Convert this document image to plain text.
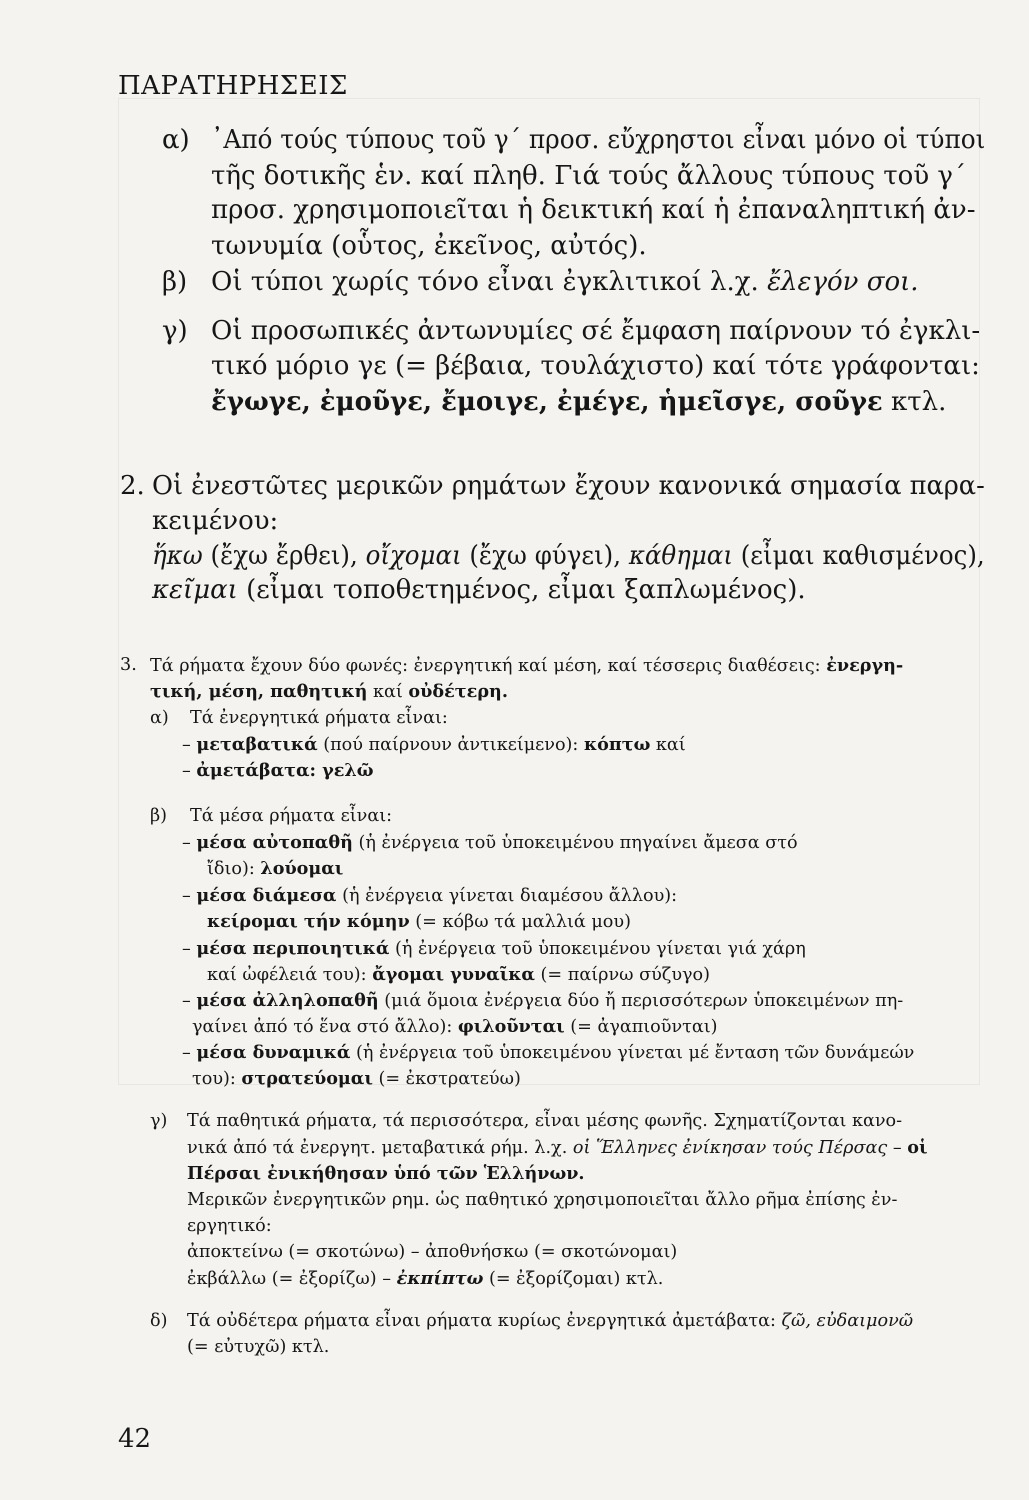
ΠΑΡΑΤΗΡΗΣΕΙΣ
α) ᾿Από τούς τύπους τοῦ γ΄ προσ. εὔχρηστοι εἶναι μόνο οἱ τύποι
τῆς δοτικῆς ἑν. καί πληθ. Γιά τούς ἄλλους τύπους τοῦ γ΄
προσ. χρησιμοποιεῖται ἡ δεικτική καί ἡ ἐπαναληπτική ἀν-
τωνυμία (οὗτος, ἐκεῖνος, αὐτός).
β) Οἱ τύποι χωρίς τόνο εἶναι ἐγκλιτικοί λ.χ. ἔλεγόν σοι.
γ) Οἱ προσωπικές ἀντωνυμίες σέ ἔμφαση παίρνουν τό ἐγκλι-
τικό μόριο γε (= βέβαια, τουλάχιστο) καί τότε γράφονται:
ἔγωγε, ἐμοῦγε, ἔμοιγε, ἐμέγε, ἡμεῖσγε, σοῦγε κτλ.
2. Οἱ ἐνεστῶτες μερικῶν ρημάτων ἔχουν κανονικά σημασία παρα-
κειμένου:
ἥκω (ἔχω ἔρθει), οἴχομαι (ἔχω φύγει), κάθημαι (εἶμαι καθισμένος),
κεῖμαι (εἶμαι τοποθετημένος, εἶμαι ξαπλωμένος).
3. Τά ρήματα ἔχουν δύο φωνές: ἐνεργητική καί μέση, καί τέσσερις διαθέσεις: ἐνεργη-
τική, μέση, παθητική καί οὐδέτερη.
α) Τά ἐνεργητικά ρήματα εἶναι:
– μεταβατικά (πού παίρνουν ἀντικείμενο): κόπτω καί
– ἀμετάβατα: γελῶ
β) Τά μέσα ρήματα εἶναι:
– μέσα αὐτοπαθῆ (ἡ ἐνέργεια τοῦ ὑποκειμένου πηγαίνει ἄμεσα στό
ἴδιο): λούομαι
– μέσα διάμεσα (ἡ ἐνέργεια γίνεται διαμέσου ἄλλου):
κείρομαι τήν κόμην (= κόβω τά μαλλιά μου)
– μέσα περιποιητικά (ἡ ἐνέργεια τοῦ ὑποκειμένου γίνεται γιά χάρη
καί ὠφέλειά του): ἄγομαι γυναῖκα (= παίρνω σύζυγο)
– μέσα ἀλληλοπαθῆ (μιά ὅμοια ἐνέργεια δύο ἤ περισσότερων ὑποκειμένων πη-
γαίνει ἀπό τό ἕνα στό ἄλλο): φιλοῦνται (= ἀγαπιοῦνται)
– μέσα δυναμικά (ἡ ἐνέργεια τοῦ ὑποκειμένου γίνεται μέ ἔνταση τῶν δυνάμεών
του): στρατεύομαι (= ἐκστρατεύω)
γ) Τά παθητικά ρήματα, τά περισσότερα, εἶναι μέσης φωνῆς. Σχηματίζονται κανο-
νικά ἀπό τά ἐνεργητ. μεταβατικά ρήμ. λ.χ. οἱ Ἕλληνες ἐνίκησαν τούς Πέρσας – οἱ
Πέρσαι ἐνικήθησαν ὑπό τῶν Ἑλλήνων.
Μερικῶν ἐνεργητικῶν ρημ. ὡς παθητικό χρησιμοποιεῖται ἄλλο ρῆμα ἐπίσης ἐν-
εργητικό:
ἀποκτείνω (= σκοτώνω) – ἀποθνήσκω (= σκοτώνομαι)
ἐκβάλλω (= ἐξορίζω) – ἐκπίπτω (= ἐξορίζομαι) κτλ.
δ) Τά οὐδέτερα ρήματα εἶναι ρήματα κυρίως ἐνεργητικά ἀμετάβατα: ζῶ, εὐδαιμονῶ
(= εὐτυχῶ) κτλ.
42
